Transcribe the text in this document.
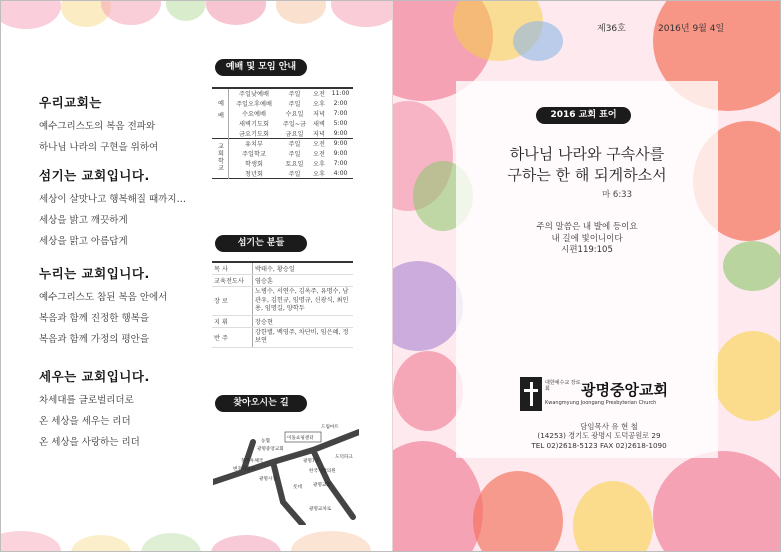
우리교회는
예수그리스도의 복음 전파와
하나님 나라의 구현을 위하여
섬기는 교회입니다.
세상이 살맛나고 행복해질 때까지…
세상을 밝고 깨끗하게
세상을 맑고 아름답게
누리는 교회입니다.
예수그리스도 참된 복음 안에서
복음과 함께 진정한 행복을
복음과 함께 가정의 평안을
세우는 교회입니다.
차세대를 글로벌리더로
온 세상을 세우는 리더
온 세상을 사랑하는 리더
예배 및 모임 안내
예배	주일낮예배	주일	오전	11:00
	주일오후예배	주일	오후	2:00
	수요예배	수요일	저녁	7:00
	새벽기도회	주일~금	새벽	5:00
	금요기도회	금요일	저녁	9:00
교회학교	유치부	주일	오전	9:00
	주일학교	주일	오전	9:00
	학생회	토요일	오후	7:00
	청년회	주일	오후	4:00
섬기는 분들
목 사	박태수, 황승일
교육전도사	염승훈
장 로	노병수, 서연수, 김옥주, 유명수, 남관우, 김헌규, 임명규, 신광식, 최인용, 임명길, 양학두
지 휘	장승현
반 주	강한별, 백영주, 차단비, 임은혜, 정보연
찾아오시는 길
드림마트
이돌쇼핑센터
광명중앙교회
도덕파크
농협
철산우체국	광명7동
한국가정의원
변호파출소
광명시장
롯데 광명교회
광명교차로
제36호	2016년 9월 4일
2016 교회 표어
하나님 나라와 구속사를
구하는 한 해 되게하소서
마 6:33
주의 말씀은 내 발에 등이요
내 길에 빛이니이다
시편119:105
대한예수교 장로회	광명중앙교회
Kwangmyung Joongang Presbyterian Church
담임목사 유 현 철
(14253) 경기도 광명시 도덕공원로 29
TEL 02)2618-5123 FAX 02)2618-1090
